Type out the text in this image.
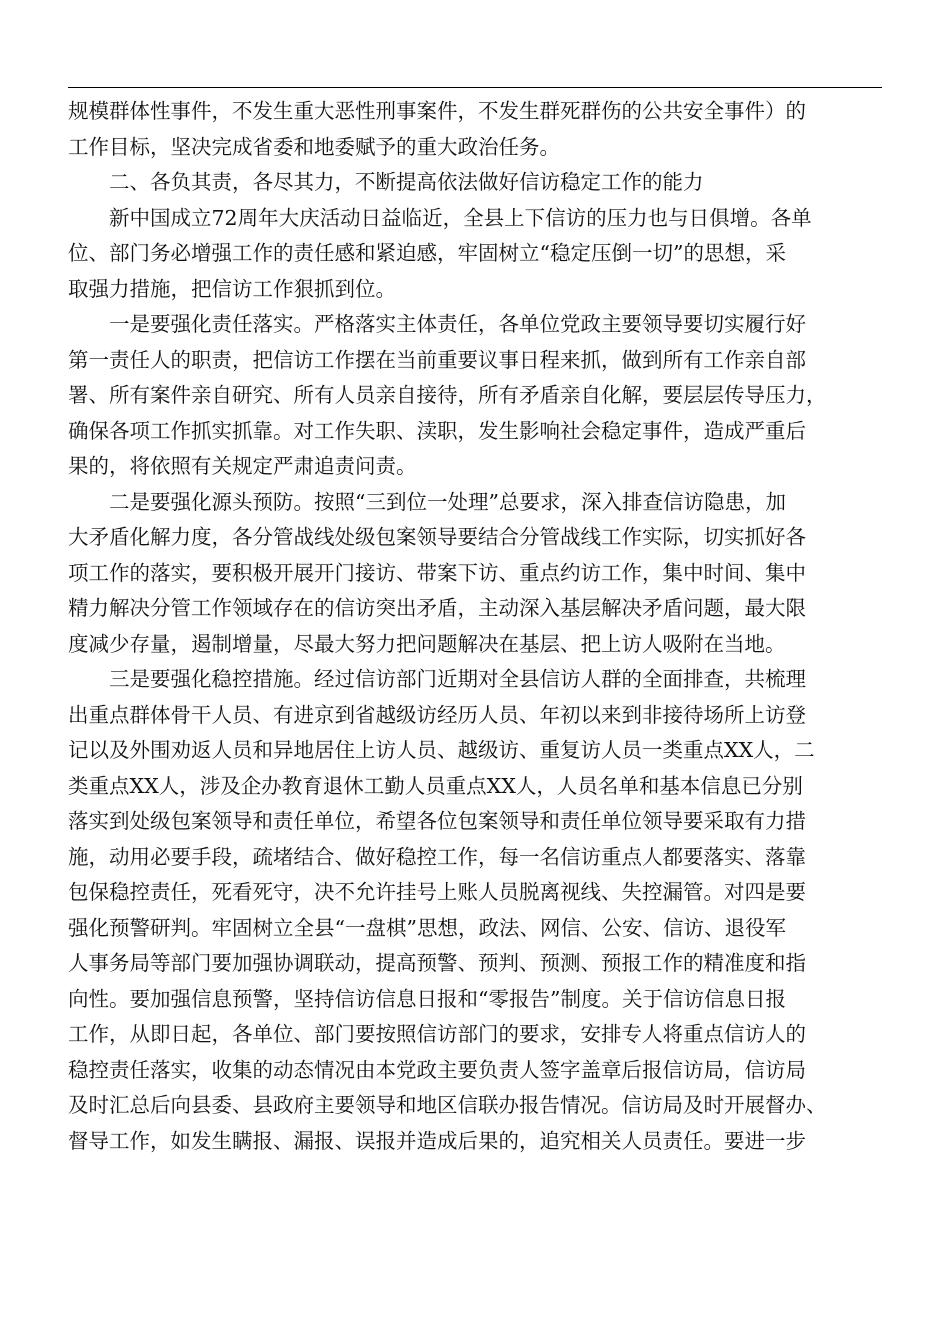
规模群体性事件，不发生重大恶性刑事案件，不发生群死群伤的公共安全事件）的
工作目标，坚决完成省委和地委赋予的重大政治任务。
二、各负其责，各尽其力，不断提高依法做好信访稳定工作的能力
新中国成立72周年大庆活动日益临近，全县上下信访的压力也与日俱增。各单
位、部门务必增强工作的责任感和紧迫感，牢固树立“稳定压倒一切”的思想，采
取强力措施，把信访工作狠抓到位。
一是要强化责任落实。严格落实主体责任，各单位党政主要领导要切实履行好
第一责任人的职责，把信访工作摆在当前重要议事日程来抓，做到所有工作亲自部
署、所有案件亲自研究、所有人员亲自接待，所有矛盾亲自化解，要层层传导压力，
确保各项工作抓实抓靠。对工作失职、渎职，发生影响社会稳定事件，造成严重后
果的，将依照有关规定严肃追责问责。
二是要强化源头预防。按照“三到位一处理”总要求，深入排查信访隐患，加
大矛盾化解力度，各分管战线处级包案领导要结合分管战线工作实际，切实抓好各
项工作的落实，要积极开展开门接访、带案下访、重点约访工作，集中时间、集中
精力解决分管工作领域存在的信访突出矛盾，主动深入基层解决矛盾问题，最大限
度减少存量，遏制增量，尽最大努力把问题解决在基层、把上访人吸附在当地。
三是要强化稳控措施。经过信访部门近期对全县信访人群的全面排查，共梳理
出重点群体骨干人员、有进京到省越级访经历人员、年初以来到非接待场所上访登
记以及外围劝返人员和异地居住上访人员、越级访、重复访人员一类重点XX人，二
类重点XX人，涉及企办教育退休工勤人员重点XX人，人员名单和基本信息已分别
落实到处级包案领导和责任单位，希望各位包案领导和责任单位领导要采取有力措
施，动用必要手段，疏堵结合、做好稳控工作，每一名信访重点人都要落实、落靠
包保稳控责任，死看死守，决不允许挂号上账人员脱离视线、失控漏管。对四是要
强化预警研判。牢固树立全县“一盘棋”思想，政法、网信、公安、信访、退役军
人事务局等部门要加强协调联动，提高预警、预判、预测、预报工作的精准度和指
向性。要加强信息预警，坚持信访信息日报和“零报告”制度。关于信访信息日报
工作，从即日起，各单位、部门要按照信访部门的要求，安排专人将重点信访人的
稳控责任落实，收集的动态情况由本党政主要负责人签字盖章后报信访局，信访局
及时汇总后向县委、县政府主要领导和地区信联办报告情况。信访局及时开展督办、
督导工作，如发生瞒报、漏报、误报并造成后果的，追究相关人员责任。要进一步
